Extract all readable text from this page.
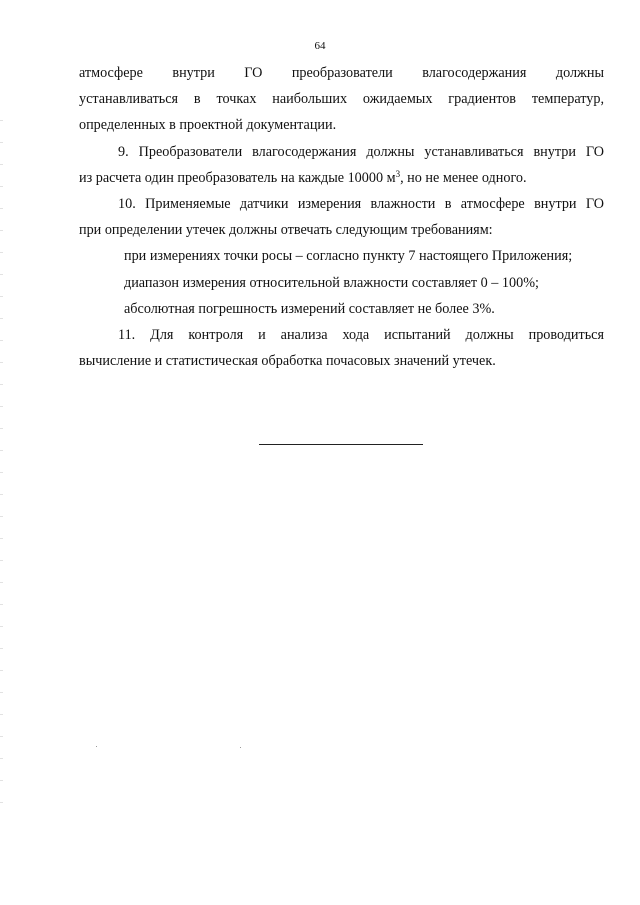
64

атмосфере внутри ГО преобразователи влагосодержания должны

устанавливаться в точках наибольших ожидаемых градиентов температур,

определенных в проектной документации.

9. Преобразователи влагосодержания должны устанавливаться внутри ГО

из расчета один преобразователь на каждые 10000 $м^3$, но не менее одного.

10. Применяемые датчики измерения влажности в атмосфере внутри ГО

при определении утечек должны отвечать следующим требованиям:

при измерениях точки росы – согласно пункту 7 настоящего Приложения;

диапазон измерения относительной влажности составляет 0 – 100%;

абсолютная погрешность измерений составляет не более 3%.

11. Для контроля и анализа хода испытаний должны проводиться

вычисление и статистическая обработка почасовых значений утечек.
